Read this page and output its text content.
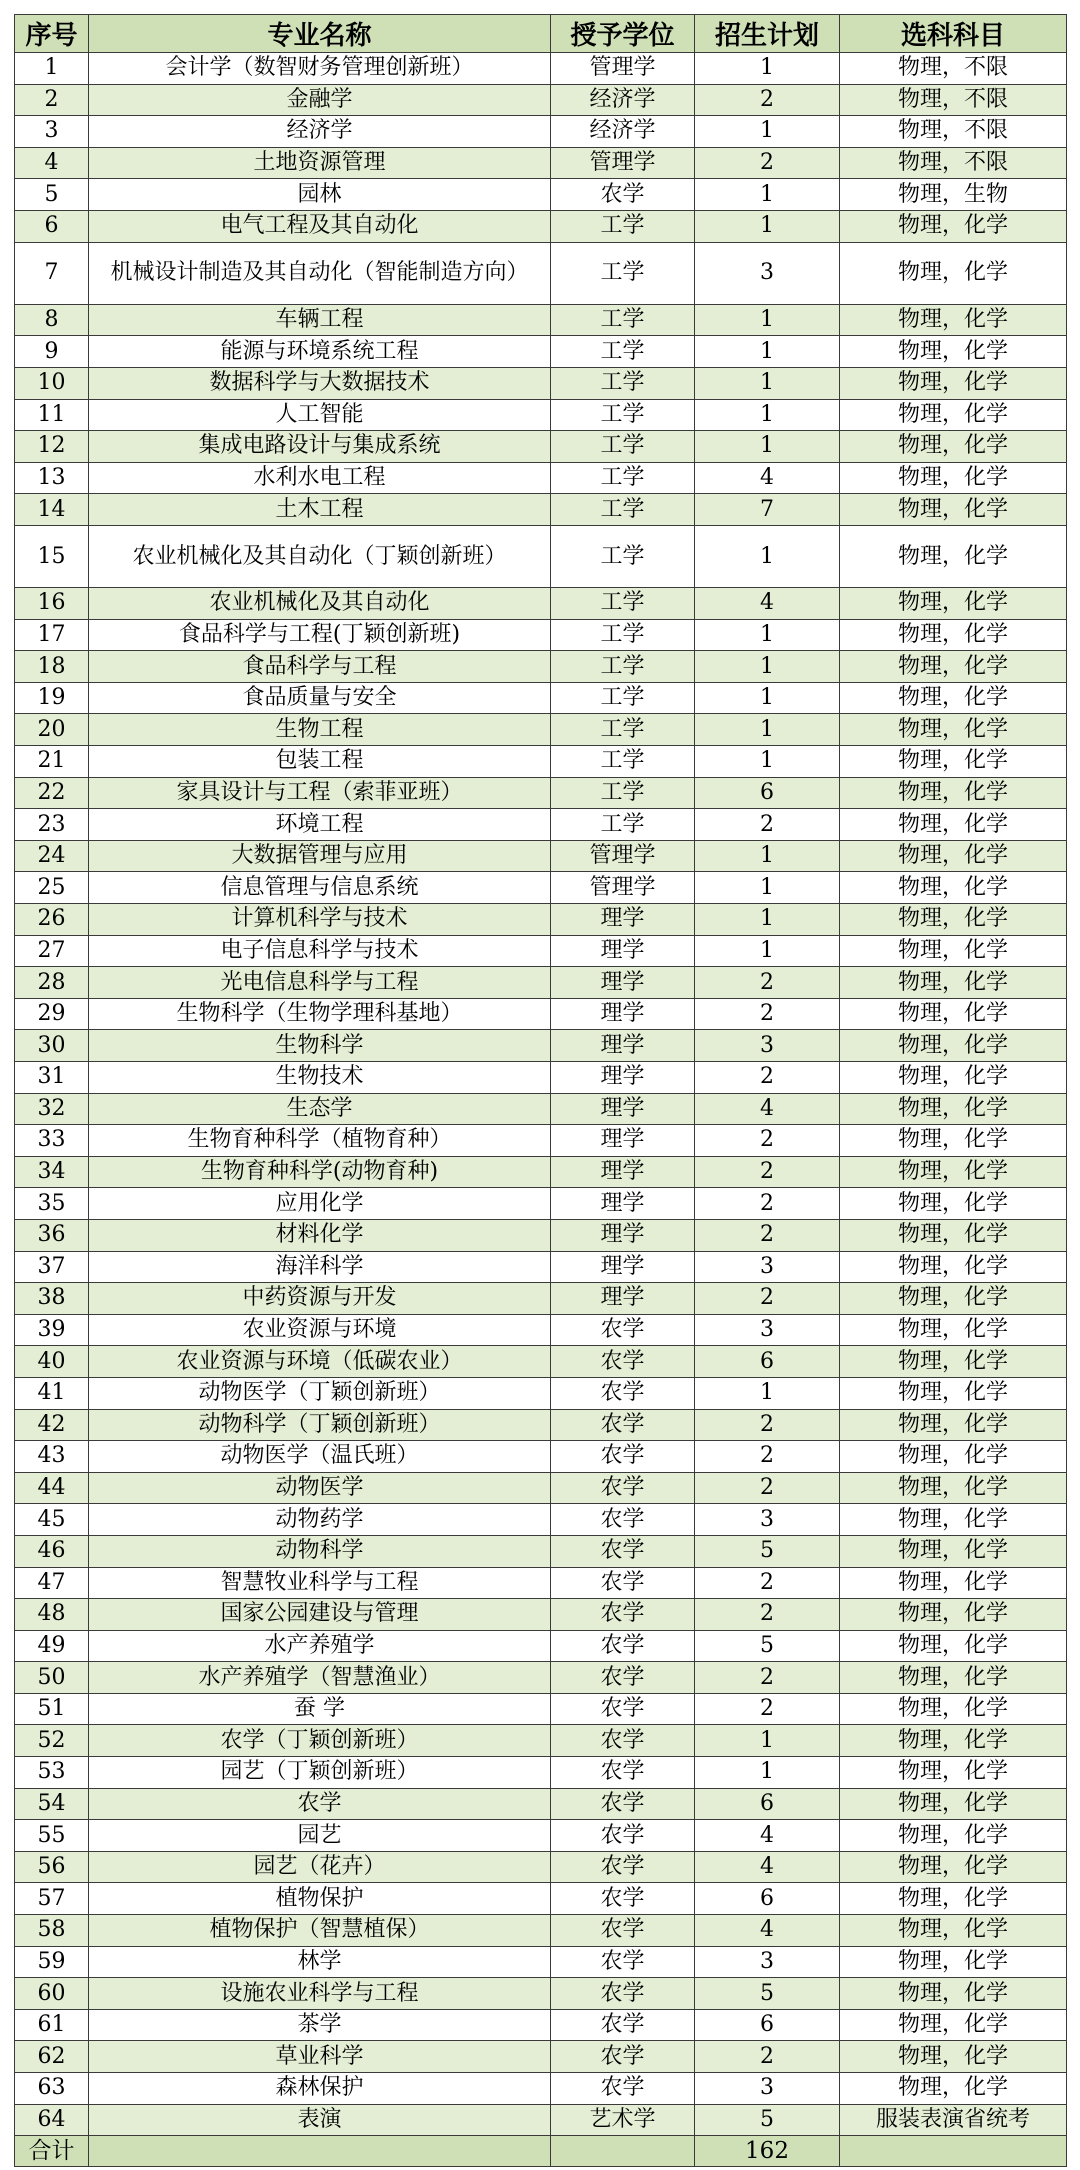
序号	专业名称	授予学位	招生计划	选科科目
1	会计学（数智财务管理创新班）	管理学	1	物理，不限
2	金融学	经济学	2	物理，不限
3	经济学	经济学	1	物理，不限
4	土地资源管理	管理学	2	物理，不限
5	园林	农学	1	物理，生物
6	电气工程及其自动化	工学	1	物理，化学
7	机械设计制造及其自动化（智能制造方向）	工学	3	物理，化学
8	车辆工程	工学	1	物理，化学
9	能源与环境系统工程	工学	1	物理，化学
10	数据科学与大数据技术	工学	1	物理，化学
11	人工智能	工学	1	物理，化学
12	集成电路设计与集成系统	工学	1	物理，化学
13	水利水电工程	工学	4	物理，化学
14	土木工程	工学	7	物理，化学
15	农业机械化及其自动化（丁颖创新班）	工学	1	物理，化学
16	农业机械化及其自动化	工学	4	物理，化学
17	食品科学与工程(丁颖创新班)	工学	1	物理，化学
18	食品科学与工程	工学	1	物理，化学
19	食品质量与安全	工学	1	物理，化学
20	生物工程	工学	1	物理，化学
21	包装工程	工学	1	物理，化学
22	家具设计与工程（索菲亚班）	工学	6	物理，化学
23	环境工程	工学	2	物理，化学
24	大数据管理与应用	管理学	1	物理，化学
25	信息管理与信息系统	管理学	1	物理，化学
26	计算机科学与技术	理学	1	物理，化学
27	电子信息科学与技术	理学	1	物理，化学
28	光电信息科学与工程	理学	2	物理，化学
29	生物科学（生物学理科基地）	理学	2	物理，化学
30	生物科学	理学	3	物理，化学
31	生物技术	理学	2	物理，化学
32	生态学	理学	4	物理，化学
33	生物育种科学（植物育种）	理学	2	物理，化学
34	生物育种科学(动物育种)	理学	2	物理，化学
35	应用化学	理学	2	物理，化学
36	材料化学	理学	2	物理，化学
37	海洋科学	理学	3	物理，化学
38	中药资源与开发	理学	2	物理，化学
39	农业资源与环境	农学	3	物理，化学
40	农业资源与环境（低碳农业）	农学	6	物理，化学
41	动物医学（丁颖创新班）	农学	1	物理，化学
42	动物科学（丁颖创新班）	农学	2	物理，化学
43	动物医学（温氏班）	农学	2	物理，化学
44	动物医学	农学	2	物理，化学
45	动物药学	农学	3	物理，化学
46	动物科学	农学	5	物理，化学
47	智慧牧业科学与工程	农学	2	物理，化学
48	国家公园建设与管理	农学	2	物理，化学
49	水产养殖学	农学	5	物理，化学
50	水产养殖学（智慧渔业）	农学	2	物理，化学
51	蚕 学	农学	2	物理，化学
52	农学（丁颖创新班）	农学	1	物理，化学
53	园艺（丁颖创新班）	农学	1	物理，化学
54	农学	农学	6	物理，化学
55	园艺	农学	4	物理，化学
56	园艺（花卉）	农学	4	物理，化学
57	植物保护	农学	6	物理，化学
58	植物保护（智慧植保）	农学	4	物理，化学
59	林学	农学	3	物理，化学
60	设施农业科学与工程	农学	5	物理，化学
61	茶学	农学	6	物理，化学
62	草业科学	农学	2	物理，化学
63	森林保护	农学	3	物理，化学
64	表演	艺术学	5	服装表演省统考
合计			162	
